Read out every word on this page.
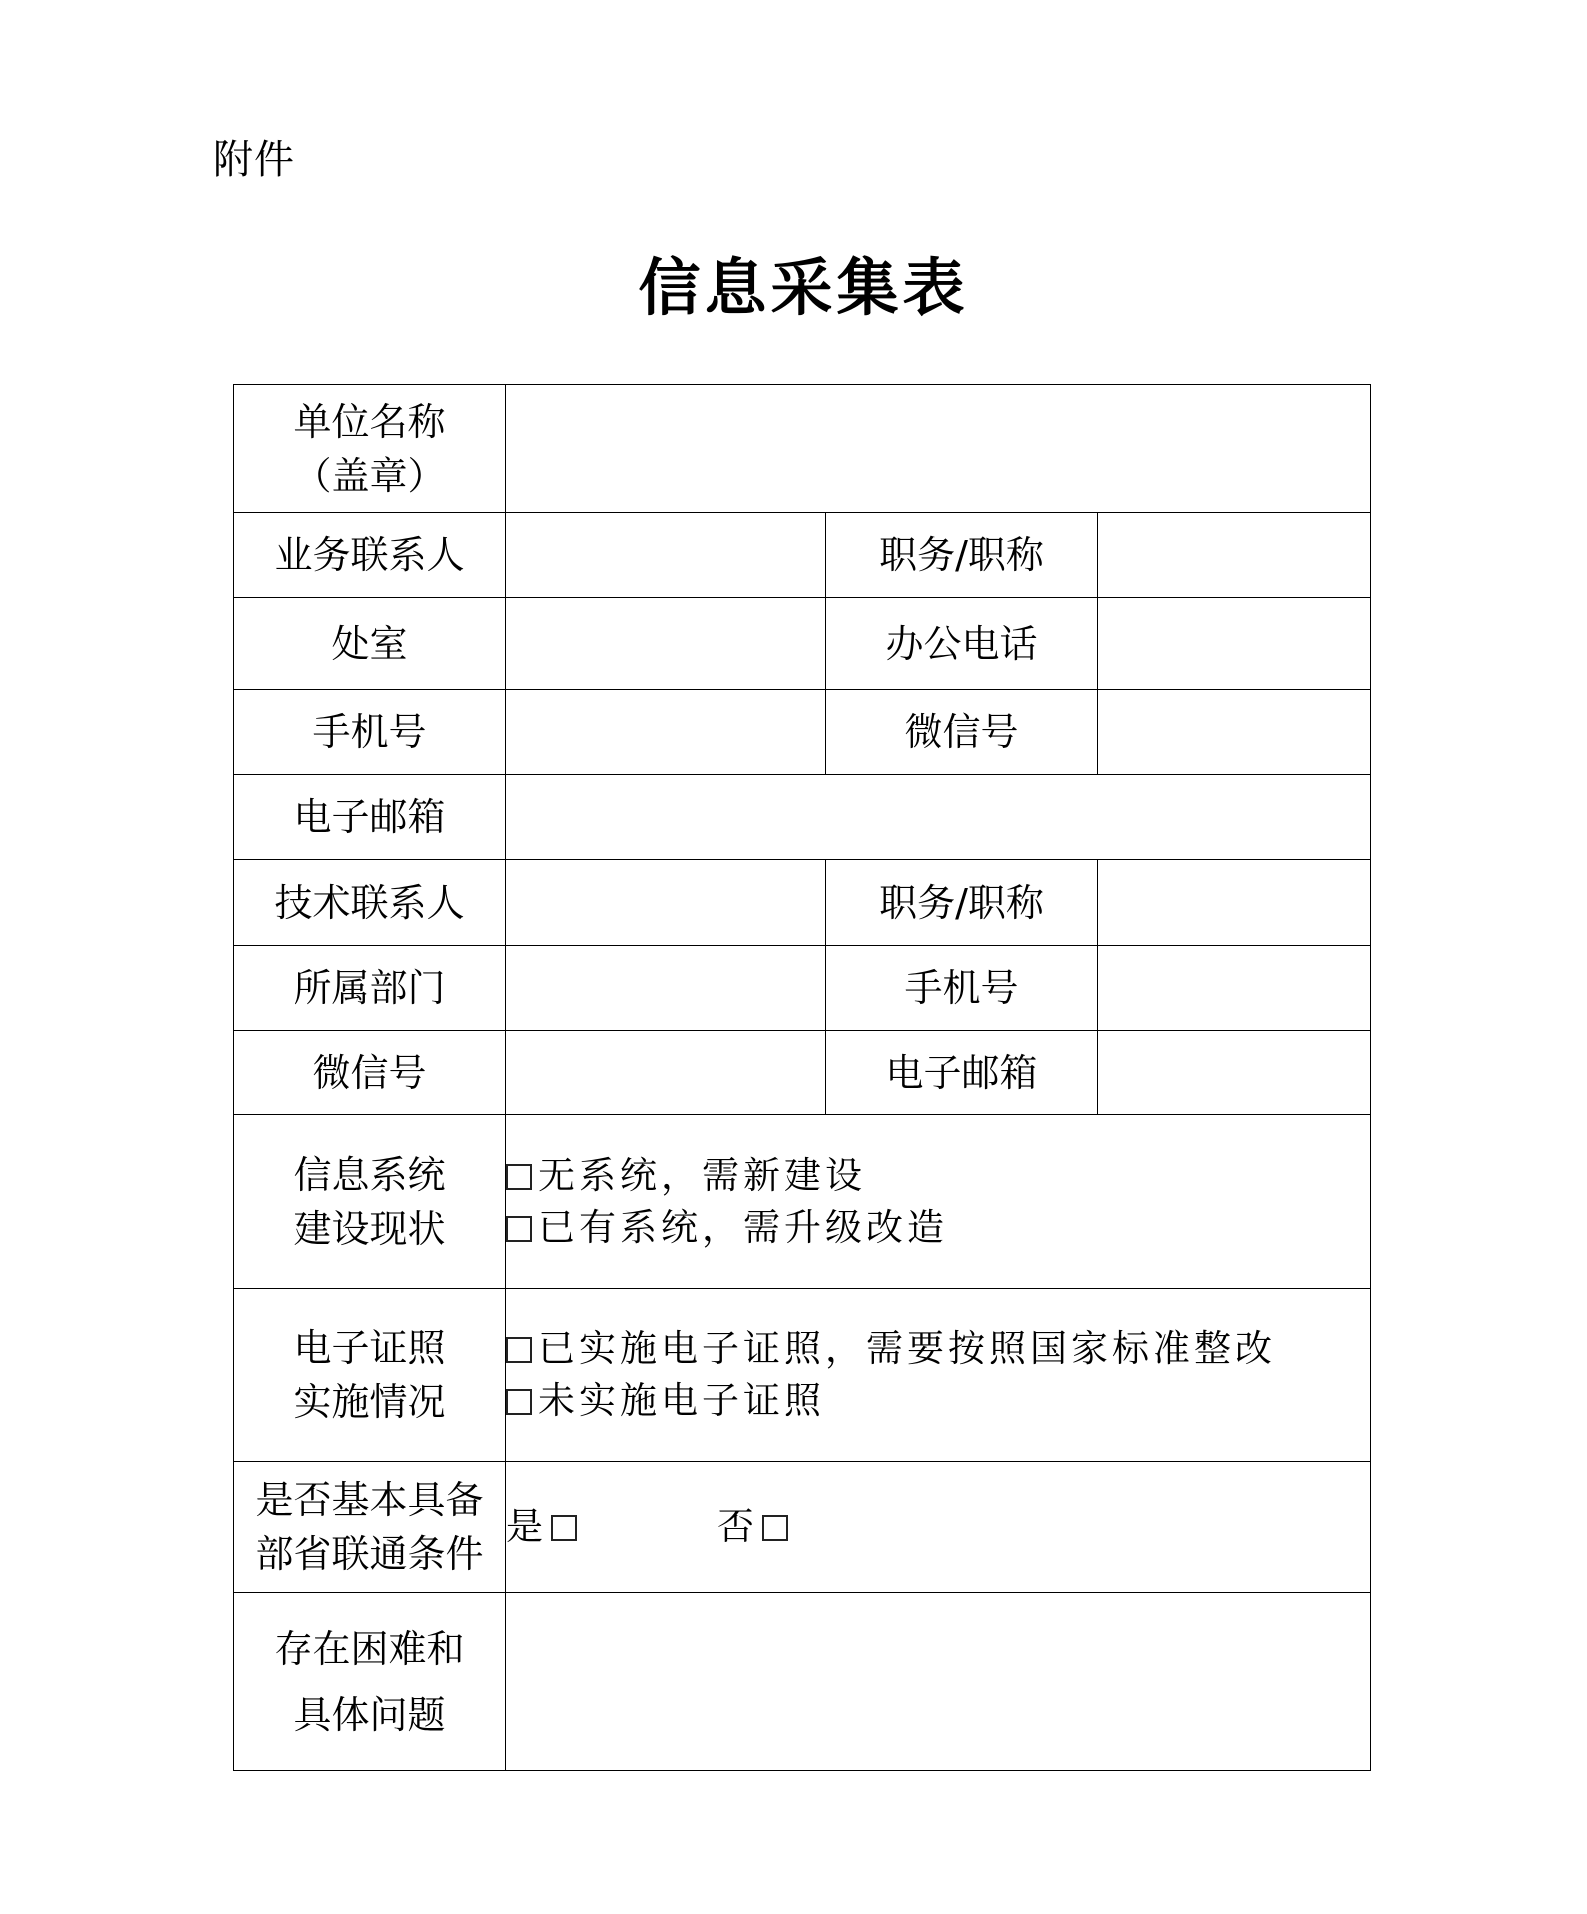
附件
信息采集表
单位名称
（盖章）			

业务联系人		职务/职称	
处室		办公电话	
手机号		微信号	
电子邮箱			
技术联系人		职务/职称	
所属部门		手机号	
微信号		电子邮箱	

信息系统
建设现状	无系统，需新建设
已有系统，需升级改造		

电子证照
实施情况	已实施电子证照，需要按照国家标准整改
未实施电子证照		

是否基本具备
部省联通条件	是 否		

存在困难和
具体问题			
